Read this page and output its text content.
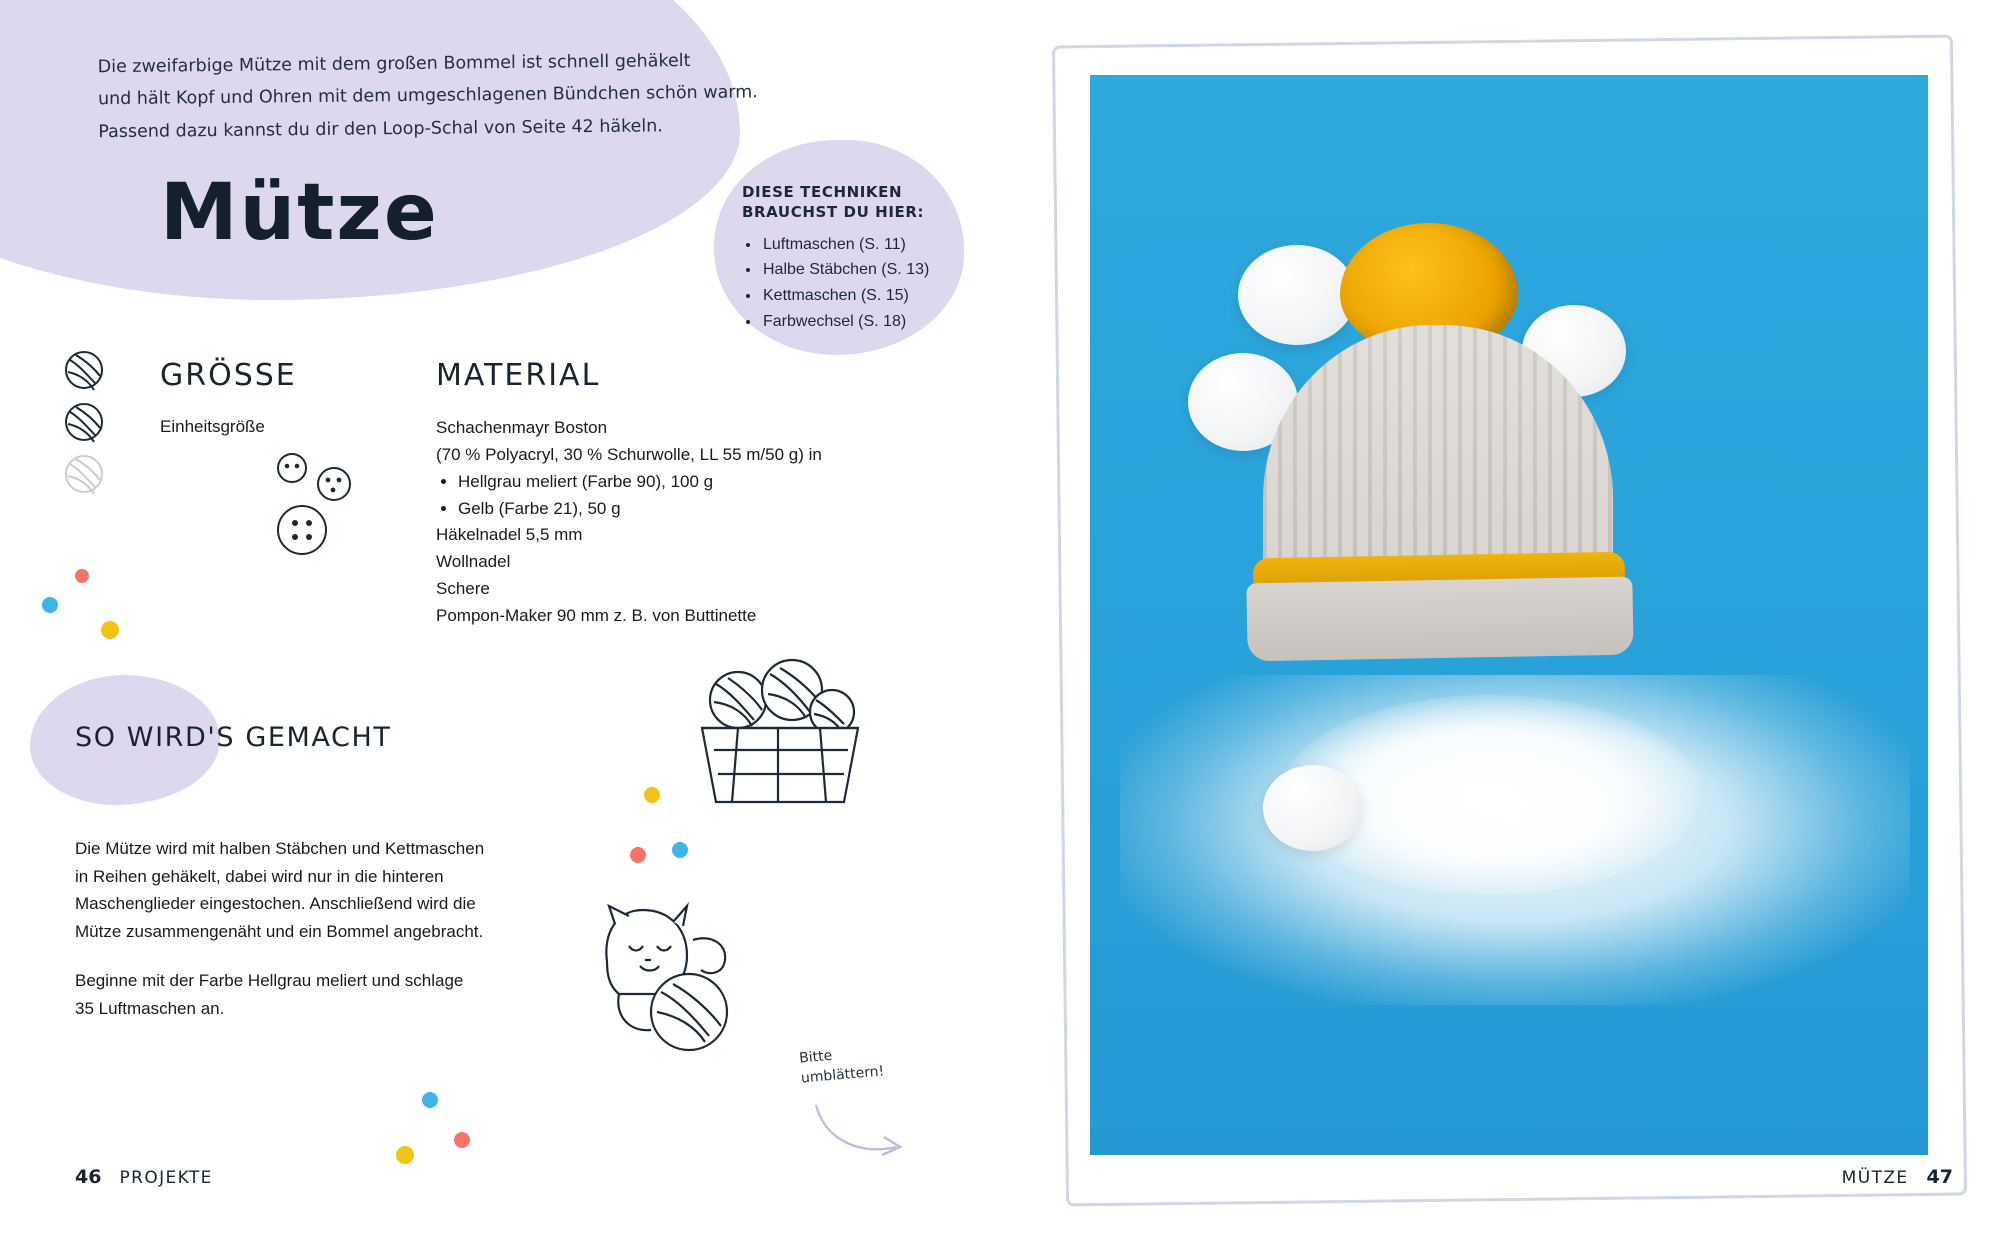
Die zweifarbige Mütze mit dem großen Bommel ist schnell gehäkelt
und hält Kopf und Ohren mit dem umgeschlagenen Bündchen schön warm.
Passend dazu kannst du dir den Loop-Schal von Seite 42 häkeln.
Mütze	DIESE TECHNIKEN
BRAUCHST DU HIER:
• Luftmaschen (S. 11)
• Halbe Stäbchen (S. 13)
• Kettmaschen (S. 15)
• Farbwechsel (S. 18)
GRÖSSE
Einheitsgröße
MATERIAL
Schachenmayr Boston
(70 % Polyacryl, 30 % Schurwolle, LL 55 m/50 g) in
• Hellgrau meliert (Farbe 90), 100 g
• Gelb (Farbe 21), 50 g
Häkelnadel 5,5 mm
Wollnadel
Schere
Pompon-Maker 90 mm z. B. von Buttinette
SO WIRD'S GEMACHT

Die Mütze wird mit halben Stäbchen und Kettmaschen in Reihen gehäkelt, dabei wird nur in die hinteren Maschenglieder eingestochen. Anschließend wird die Mütze zusammengenäht und ein Bommel angebracht.

Beginne mit der Farbe Hellgrau meliert und schlage 35 Luftmaschen an.

Bitte
umblättern!
46 PROJEKTE	MÜTZE 47
